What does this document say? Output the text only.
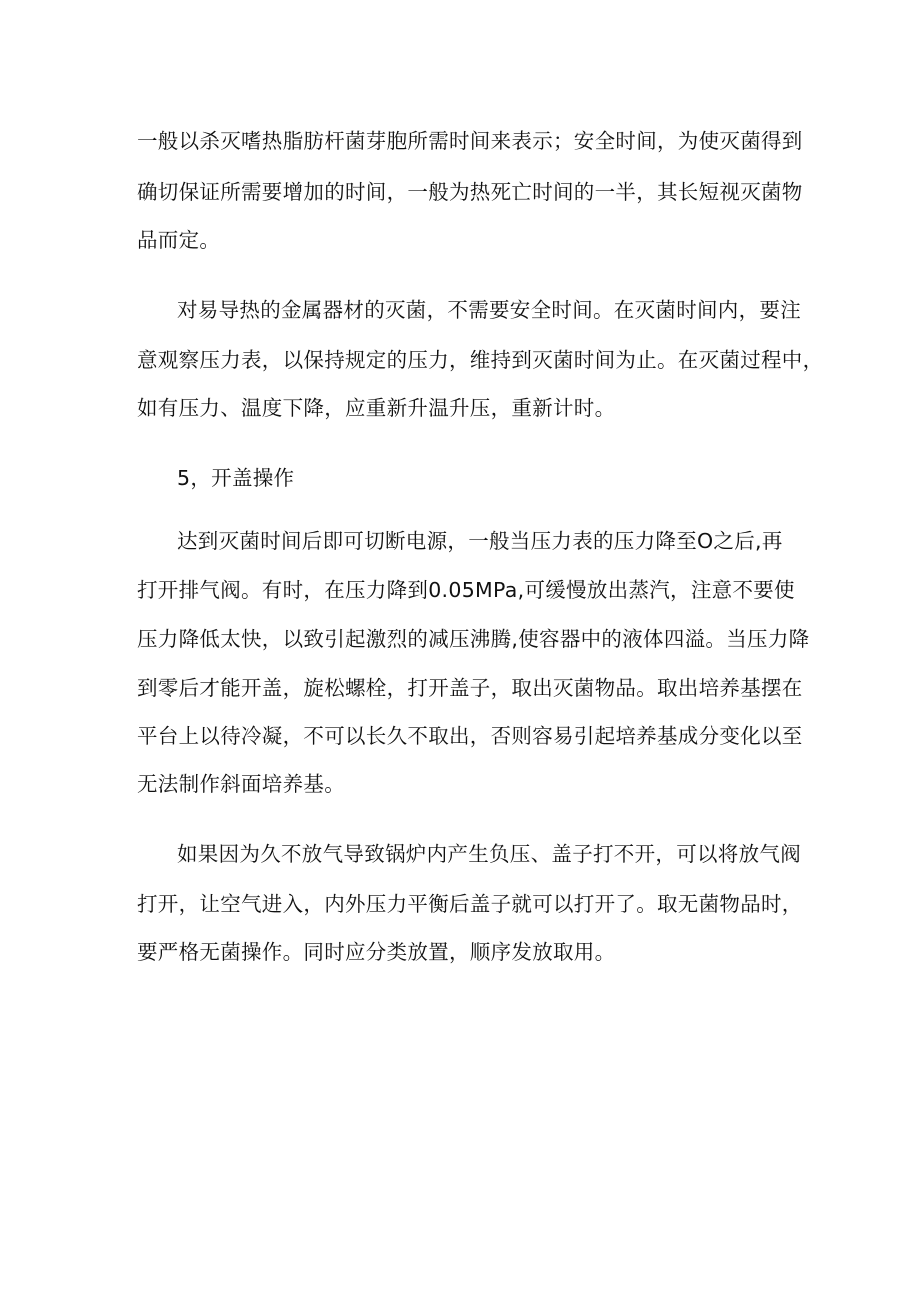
一般以杀灭嗜热脂肪杆菌芽胞所需时间来表示；安全时间，为使灭菌得到
确切保证所需要增加的时间，一般为热死亡时间的一半，其长短视灭菌物
品而定。
对易导热的金属器材的灭菌，不需要安全时间。在灭菌时间内，要注
意观察压力表，以保持规定的压力，维持到灭菌时间为止。在灭菌过程中，
如有压力、温度下降，应重新升温升压，重新计时。
5，开盖操作
达到灭菌时间后即可切断电源，一般当压力表的压力降至O之后,再
打开排气阀。有时，在压力降到0.05MPa,可缓慢放出蒸汽，注意不要使
压力降低太快，以致引起激烈的减压沸腾,使容器中的液体四溢。当压力降
到零后才能开盖，旋松螺栓，打开盖子，取出灭菌物品。取出培养基摆在
平台上以待冷凝，不可以长久不取出，否则容易引起培养基成分变化以至
无法制作斜面培养基。
如果因为久不放气导致锅炉内产生负压、盖子打不开，可以将放气阀
打开，让空气进入，内外压力平衡后盖子就可以打开了。取无菌物品时，
要严格无菌操作。同时应分类放置，顺序发放取用。
